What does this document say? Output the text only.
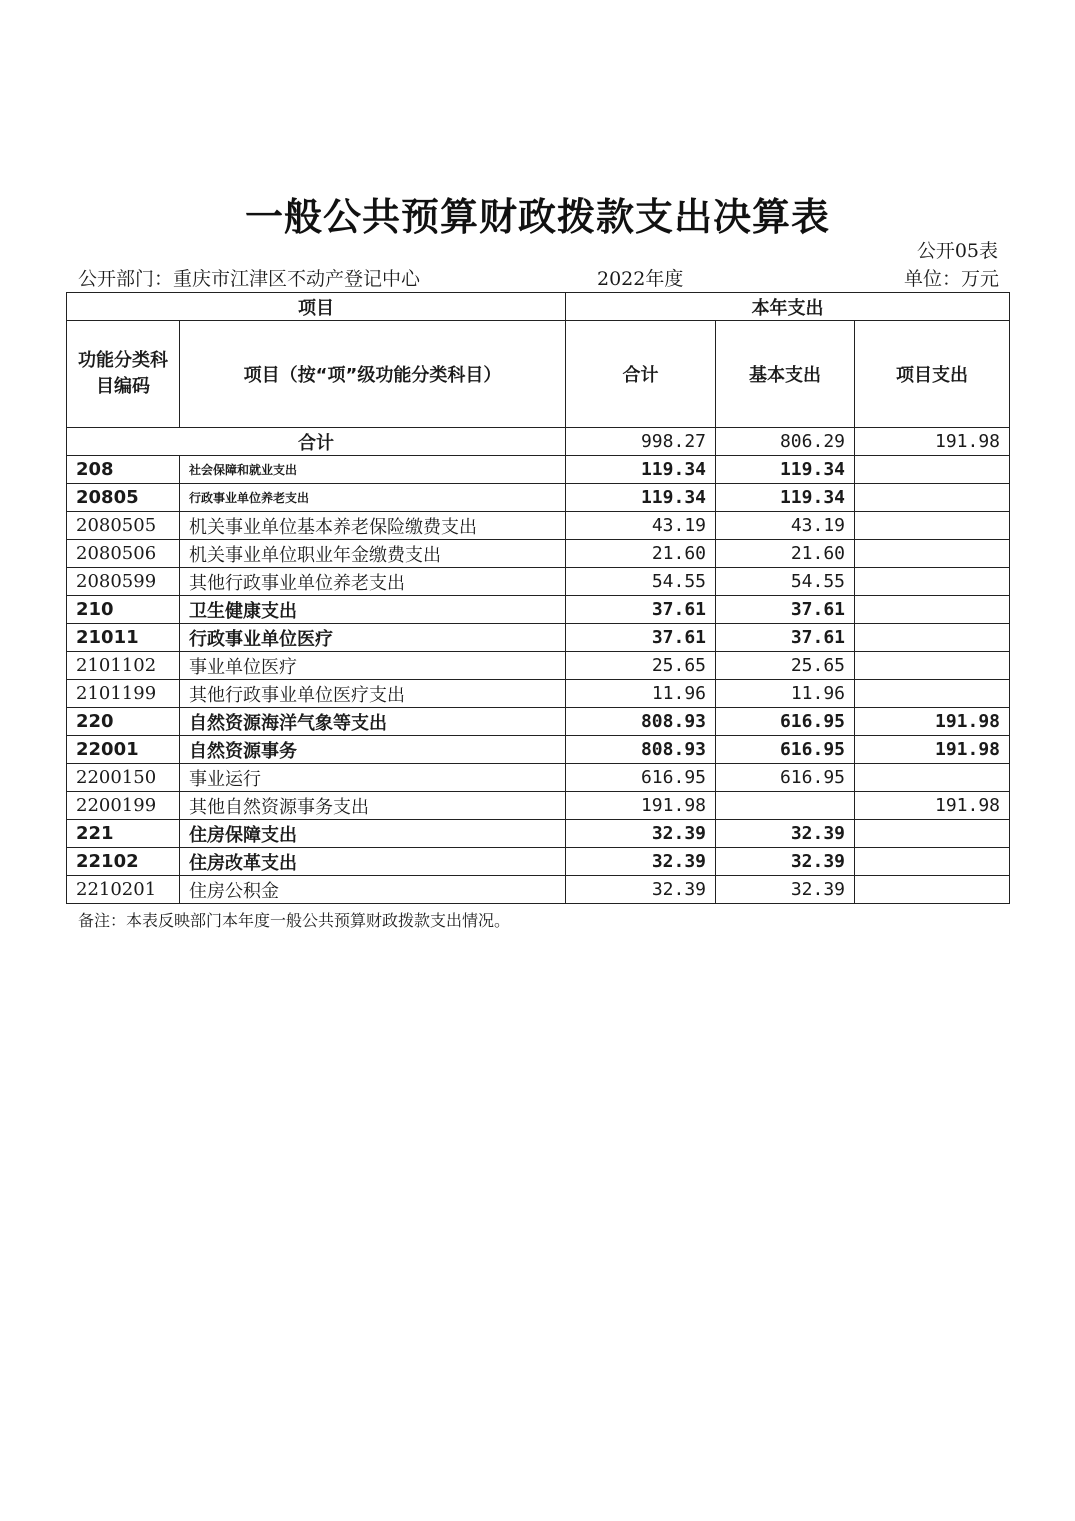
一般公共预算财政拨款支出决算表
公开05表
公开部门：重庆市江津区不动产登记中心	2022年度	单位：万元
项目		本年支出		
功能分类科目编码	项目（按“项”级功能分类科目）	合计	基本支出	项目支出
合计		998.27	806.29	191.98
208	社会保障和就业支出	119.34	119.34	
20805	行政事业单位养老支出	119.34	119.34	
2080505	机关事业单位基本养老保险缴费支出	43.19	43.19	
2080506	机关事业单位职业年金缴费支出	21.60	21.60	
2080599	其他行政事业单位养老支出	54.55	54.55	
210	卫生健康支出	37.61	37.61	
21011	行政事业单位医疗	37.61	37.61	
2101102	事业单位医疗	25.65	25.65	
2101199	其他行政事业单位医疗支出	11.96	11.96	
220	自然资源海洋气象等支出	808.93	616.95	191.98
22001	自然资源事务	808.93	616.95	191.98
2200150	事业运行	616.95	616.95	
2200199	其他自然资源事务支出	191.98		191.98
221	住房保障支出	32.39	32.39	
22102	住房改革支出	32.39	32.39	
2210201	住房公积金	32.39	32.39	
备注：本表反映部门本年度一般公共预算财政拨款支出情况。
